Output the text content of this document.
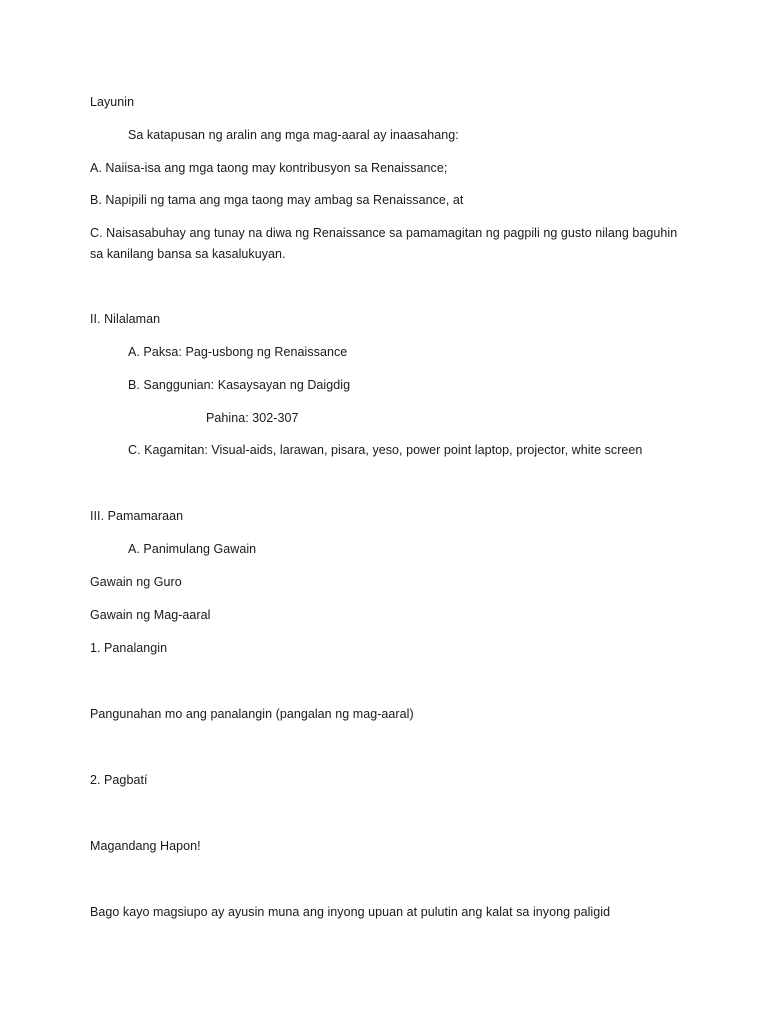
Layunin
Sa katapusan ng aralin ang mga mag-aaral ay inaasahang:
A. Naiisa-isa ang mga taong may kontribusyon sa Renaissance;
B. Napipili ng tama ang mga taong may ambag sa Renaissance, at
C. Naisasabuhay ang tunay na diwa ng Renaissance sa pamamagitan ng pagpili ng gusto nilang baguhin sa kanilang bansa sa kasalukuyan.
II. Nilalaman
A. Paksa: Pag-usbong ng Renaissance
B. Sanggunian: Kasaysayan ng Daigdig
Pahina: 302-307
C. Kagamitan: Visual-aids, larawan, pisara, yeso, power point laptop, projector, white screen
III. Pamamaraan
A. Panimulang Gawain
Gawain ng Guro
Gawain ng Mag-aaral
1. Panalangin
Pangunahan mo ang panalangin (pangalan ng mag-aaral)
2. Pagbatí
Magandang Hapon!
Bago kayo magsiupo ay ayusin muna ang inyong upuan at pulutin ang kalat sa inyong paligid
